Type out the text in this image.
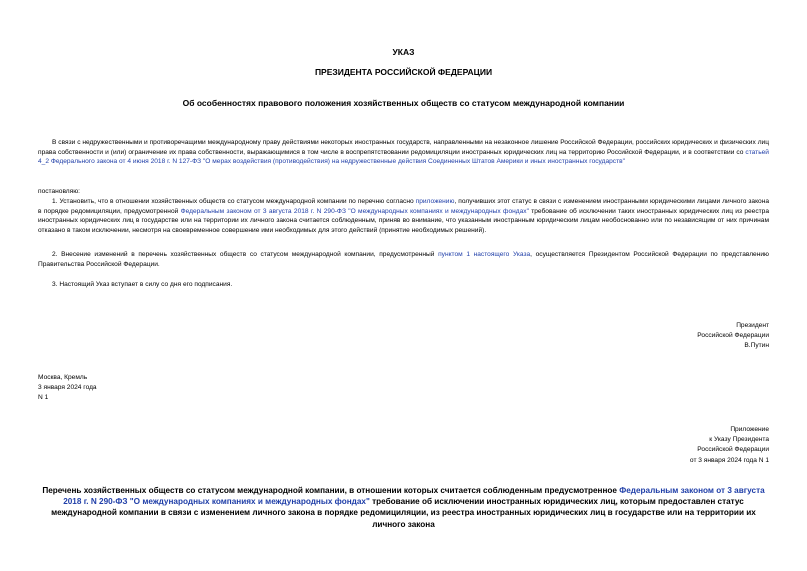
УКАЗ
ПРЕЗИДЕНТА РОССИЙСКОЙ ФЕДЕРАЦИИ
Об особенностях правового положения хозяйственных обществ со статусом международной компании
В связи с недружественными и противоречащими международному праву действиями некоторых иностранных государств, направленными на незаконное лишение Российской Федерации, российских юридических и физических лиц права собственности и (или) ограничение их права собственности, выражающимися в том числе в воспрепятствовании редомициляции иностранных юридических лиц на территорию Российской Федерации, и в соответствии со статьей 4_2 Федерального закона от 4 июня 2018 г. N 127-ФЗ "О мерах воздействия (противодействия) на недружественные действия Соединенных Штатов Америки и иных иностранных государств"
постановляю:
1. Установить, что в отношении хозяйственных обществ со статусом международной компании по перечню согласно приложению, получивших этот статус в связи с изменением иностранными юридическими лицами личного закона в порядке редомициляции, предусмотренной Федеральным законом от 3 августа 2018 г. N 290-ФЗ "О международных компаниях и международных фондах" требование об исключении таких иностранных юридических лиц из реестра иностранных юридических лиц в государстве или на территории их личного закона считается соблюденным, приняв во внимание, что указанным иностранным юридическим лицам необоснованно или по независящим от них причинам отказано в таком исключении, несмотря на своевременное совершение ими необходимых для этого действий (принятие необходимых решений).
2. Внесение изменений в перечень хозяйственных обществ со статусом международной компании, предусмотренный пунктом 1 настоящего Указа, осуществляется Президентом Российской Федерации по представлению Правительства Российской Федерации.
3. Настоящий Указ вступает в силу со дня его подписания.
Президент
Российской Федерации
В.Путин
Москва, Кремль
3 января 2024 года
N 1
Приложение
к Указу Президента
Российской Федерации
от 3 января 2024 года N 1
Перечень хозяйственных обществ со статусом международной компании, в отношении которых считается соблюденным предусмотренное Федеральным законом от 3 августа 2018 г. N 290-ФЗ "О международных компаниях и международных фондах" требование об исключении иностранных юридических лиц, которым предоставлен статус международной компании в связи с изменением личного закона в порядке редомициляции, из реестра иностранных юридических лиц в государстве или на территории их личного закона
